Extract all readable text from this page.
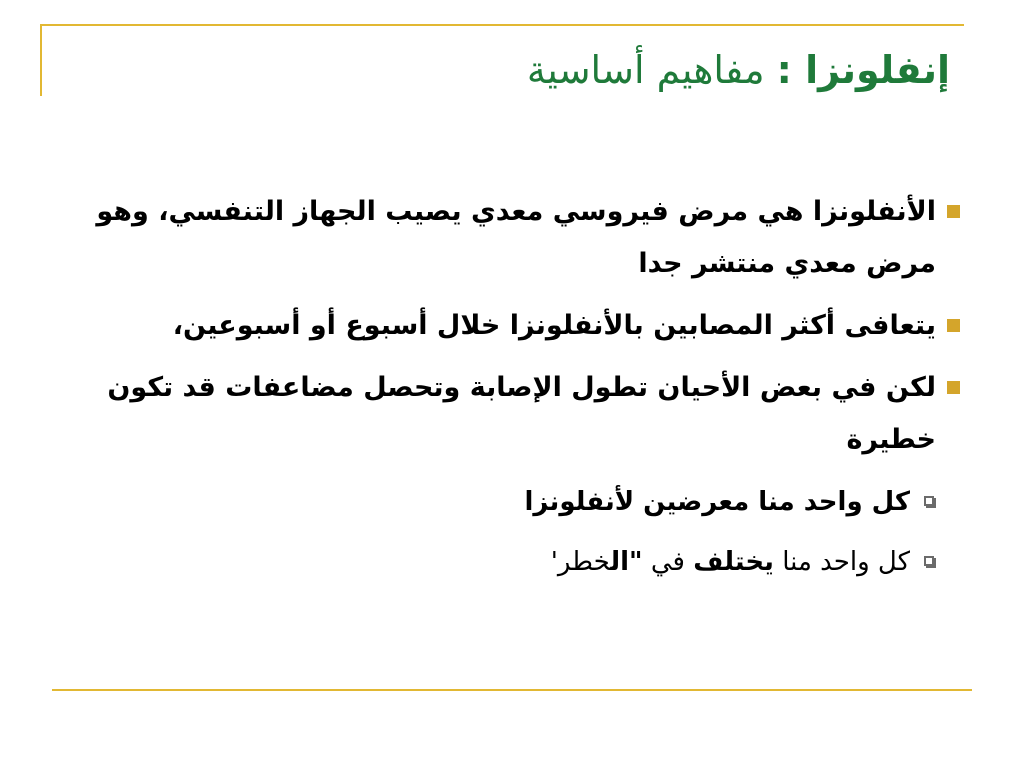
إنفلونزا : مفاهيم أساسية
الأنفلونزا هي مرض فيروسي معدي يصيب الجهاز التنفسي، وهو مرض معدي منتشر جدا
يتعافى أكثر المصابين بالأنفلونزا خلال أسبوع أو أسبوعين،
لكن في بعض الأحيان تطول الإصابة وتحصل مضاعفات قد تكون خطيرة
كل واحد منا معرضين لأنفلونزا
كل واحد منا يختلف في "الخطر'
